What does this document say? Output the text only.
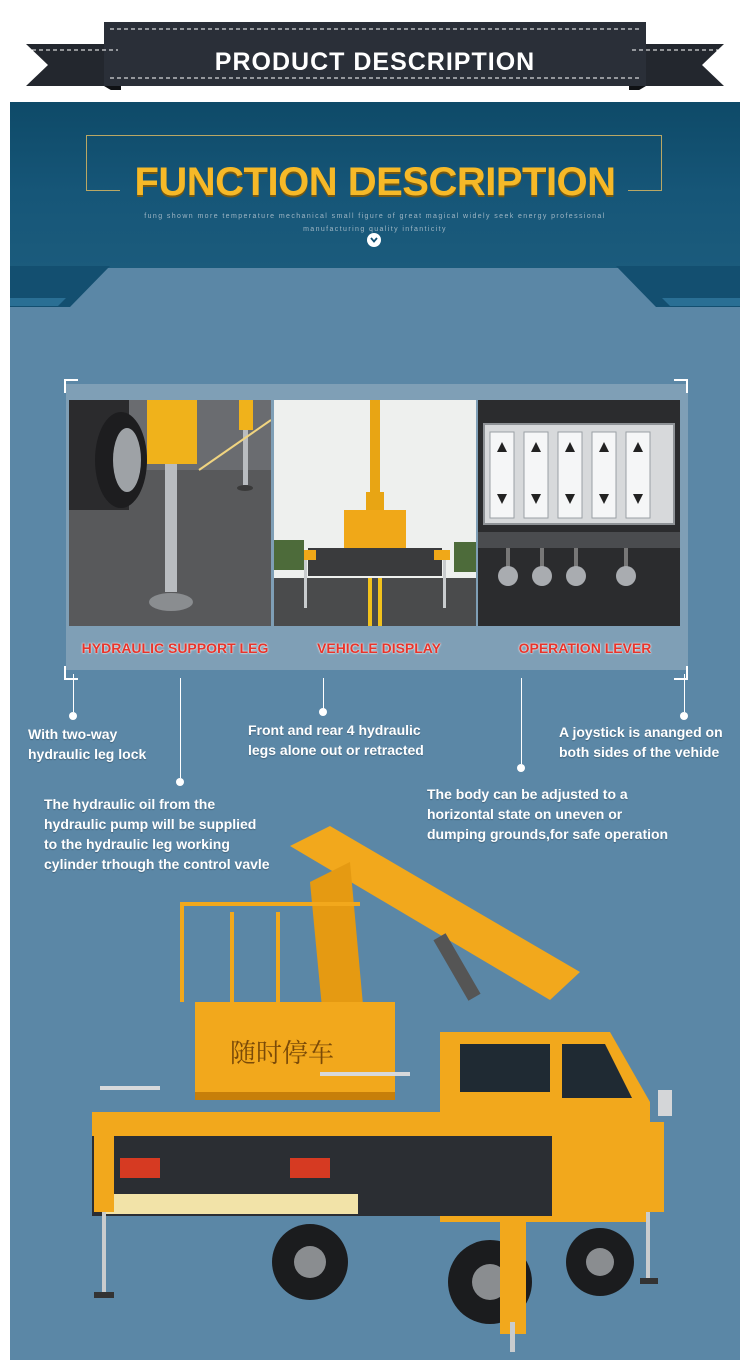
PRODUCT DESCRIPTION
FUNCTION DESCRIPTION
fung shown more temperature mechanical small figure of great magical widely seek energy professional
manufacturing quality infanticity
HYDRAULIC SUPPORT LEG	VEHICLE DISPLAY	OPERATION LEVER
With two-way
hydraulic leg lock
The hydraulic oil from the
hydraulic pump will be supplied
to the hydraulic leg working
cylinder trhough the control vavle
Front and rear 4 hydraulic
legs alone out or retracted
The body can be adjusted to a
horizontal state on uneven or
dumping grounds,for safe operation
A joystick is ananged on
both sides of the vehide
随时停车
